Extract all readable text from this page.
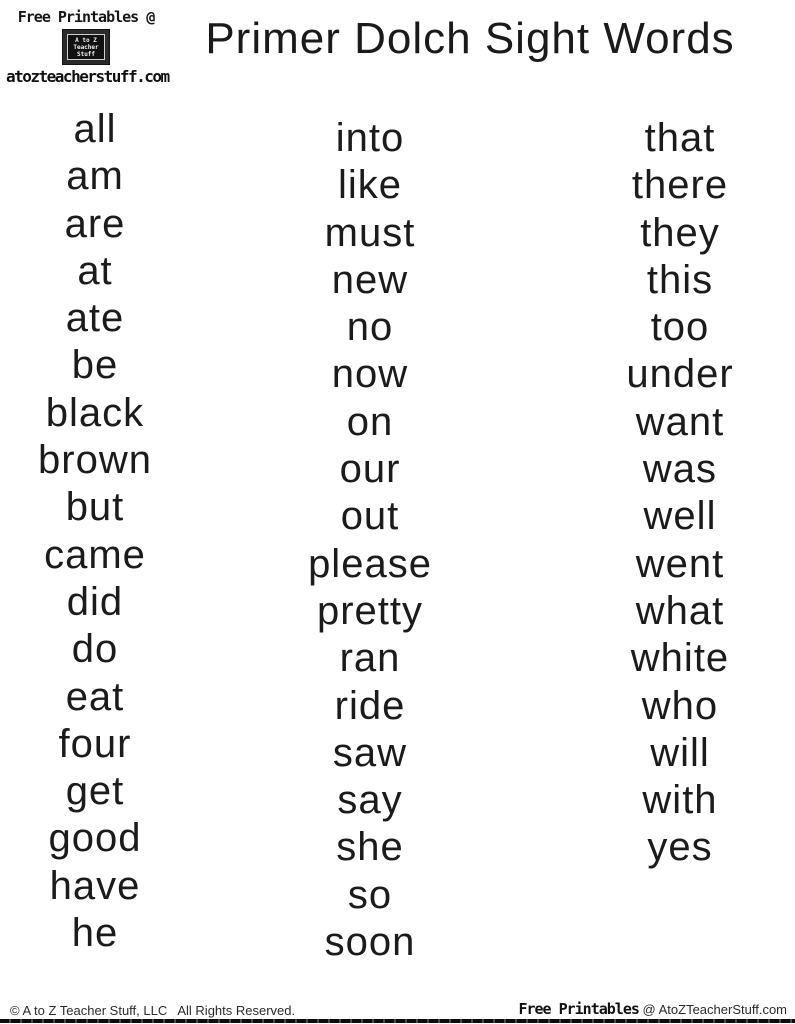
Free Printables @
A to Z
Teacher
Stuff
atozteacherstuff.com
Primer Dolch Sight Words
all
am
are
at
ate
be
black
brown
but
came
did
do
eat
four
get
good
have
he
into
like
must
new
no
now
on
our
out
please
pretty
ran
ride
saw
say
she
so
soon
that
there
they
this
too
under
want
was
well
went
what
white
who
will
with
yes
© A to Z Teacher Stuff, LLC   All Rights Reserved.	Free Printables @ AtoZTeacherStuff.com
